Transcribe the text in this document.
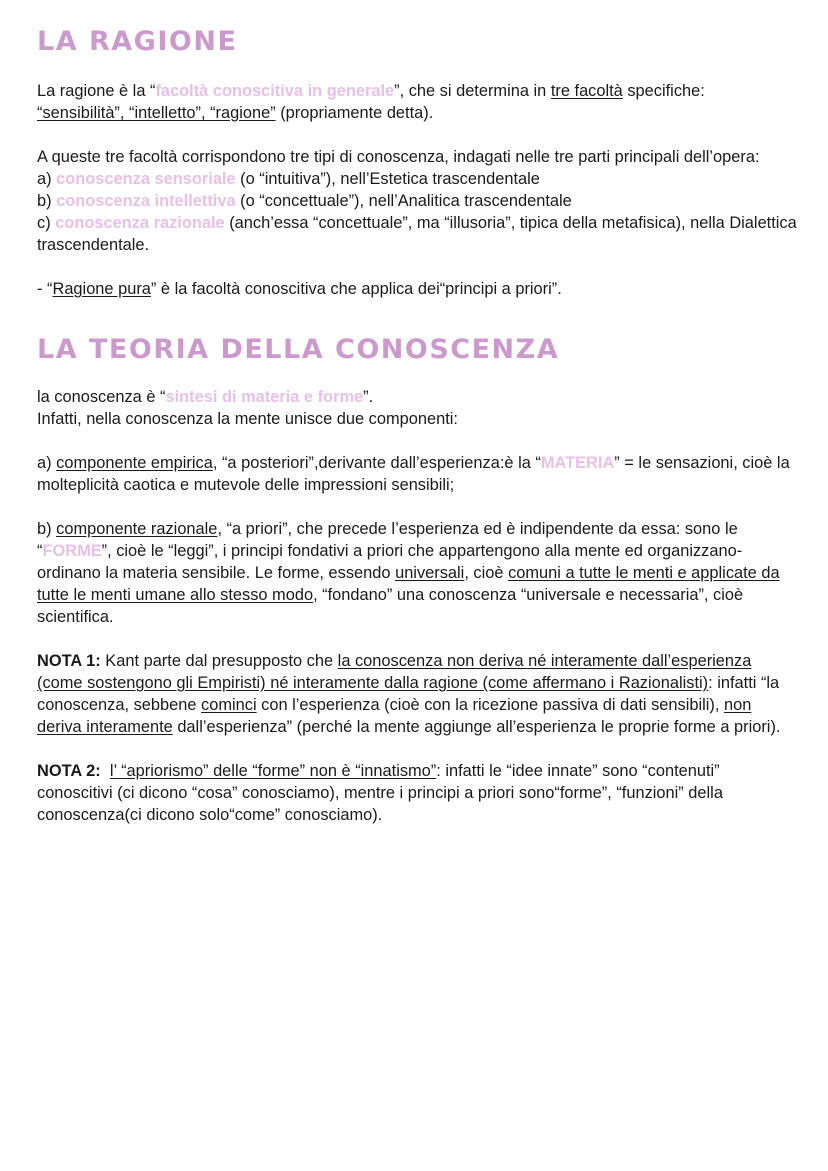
LA RAGIONE

La ragione è la “facoltà conoscitiva in generale”, che si determina in tre facoltà specifiche:
“sensibilità”, “intelletto”, “ragione” (propriamente detta).

A queste tre facoltà corrispondono tre tipi di conoscenza, indagati nelle tre parti principali dell’opera:
a) conoscenza sensoriale (o “intuitiva”), nell’Estetica trascendentale
b) conoscenza intellettiva (o “concettuale”), nell’Analitica trascendentale
c) conoscenza razionale (anch’essa “concettuale”, ma “illusoria”, tipica della metafisica), nella Dialettica trascendentale.

- “Ragione pura” è la facoltà conoscitiva che applica dei“principi a priori”.

LA TEORIA DELLA CONOSCENZA

la conoscenza è “sintesi di materia e forme”.
Infatti, nella conoscenza la mente unisce due componenti:

a) componente empirica, “a posteriori”,derivante dall’esperienza:è la “MATERIA” = le sensazioni, cioè la molteplicità caotica e mutevole delle impressioni sensibili;

b) componente razionale, “a priori”, che precede l’esperienza ed è indipendente da essa: sono le “FORME”, cioè le “leggi”, i principi fondativi a priori che appartengono alla mente ed organizzano-ordinano la materia sensibile. Le forme, essendo universali, cioè comuni a tutte le menti e applicate da tutte le menti umane allo stesso modo, “fondano” una conoscenza “universale e necessaria”, cioè scientifica.

NOTA 1: Kant parte dal presupposto che la conoscenza non deriva né interamente dall’esperienza (come sostengono gli Empiristi) né interamente dalla ragione (come affermano i Razionalisti): infatti “la conoscenza, sebbene cominci con l’esperienza (cioè con la ricezione passiva di dati sensibili), non deriva interamente dall’esperienza” (perché la mente aggiunge all’esperienza le proprie forme a priori).

NOTA 2: l’ “apriorismo” delle “forme” non è “innatismo”: infatti le “idee innate” sono “contenuti” conoscitivi (ci dicono “cosa” conosciamo), mentre i principi a priori sono“forme”, “funzioni” della conoscenza(ci dicono solo“come” conosciamo).
